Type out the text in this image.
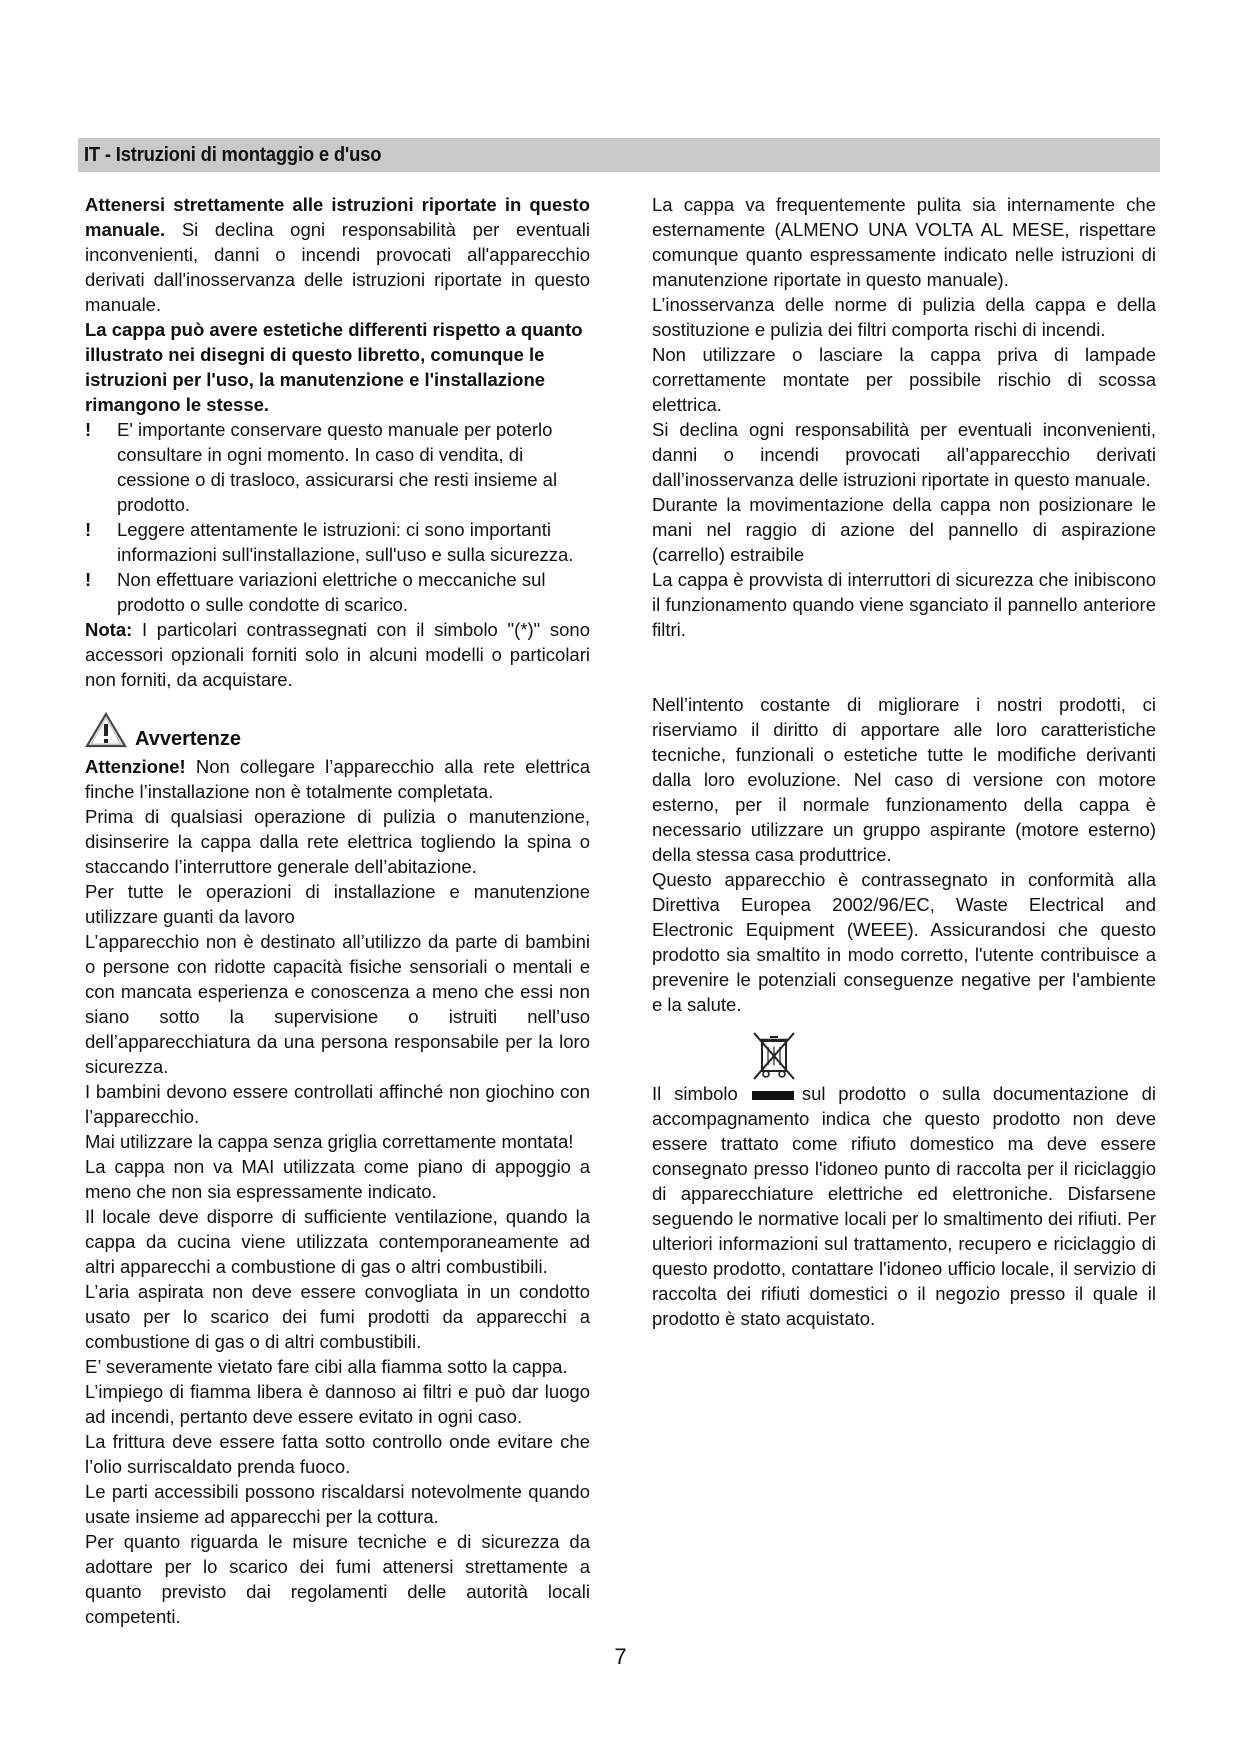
IT - Istruzioni di montaggio e d'uso

Attenersi strettamente alle istruzioni riportate in questo manuale. Si declina ogni responsabilità per eventuali inconvenienti, danni o incendi provocati all'apparecchio derivati dall'inosservanza delle istruzioni riportate in questo manuale.

La cappa può avere estetiche differenti rispetto a quanto illustrato nei disegni di questo libretto, comunque le istruzioni per l'uso, la manutenzione e l'installazione rimangono le stesse.

!	E' importante conservare questo manuale per poterlo consultare in ogni momento. In caso di vendita, di cessione o di trasloco, assicurarsi che resti insieme al prodotto.
!	Leggere attentamente le istruzioni: ci sono importanti informazioni sull'installazione, sull'uso e sulla sicurezza.
!	Non effettuare variazioni elettriche o meccaniche sul prodotto o sulle condotte di scarico.

Nota: I particolari contrassegnati con il simbolo "(*)" sono accessori opzionali forniti solo in alcuni modelli o particolari non forniti, da acquistare.

Avvertenze

Attenzione! Non collegare l’apparecchio alla rete elettrica finche l’installazione non è totalmente completata.

Prima di qualsiasi operazione di pulizia o manutenzione, disinserire la cappa dalla rete elettrica togliendo la spina o staccando l’interruttore generale dell’abitazione.

Per tutte le operazioni di installazione e manutenzione utilizzare guanti da lavoro

L’apparecchio non è destinato all’utilizzo da parte di bambini o persone con ridotte capacità fisiche sensoriali o mentali e con mancata esperienza e conoscenza a meno che essi non siano sotto la supervisione o istruiti nell’uso dell’apparecchiatura da una persona responsabile per la loro sicurezza.

I bambini devono essere controllati affinché non giochino con l’apparecchio.

Mai utilizzare la cappa senza griglia correttamente montata!

La cappa non va MAI utilizzata come piano di appoggio a meno che non sia espressamente indicato.

Il locale deve disporre di sufficiente ventilazione, quando la cappa da cucina viene utilizzata contemporaneamente ad altri apparecchi a combustione di gas o altri combustibili.

L’aria aspirata non deve essere convogliata in un condotto usato per lo scarico dei fumi prodotti da apparecchi a combustione di gas o di altri combustibili.

E’ severamente vietato fare cibi alla fiamma sotto la cappa.

L’impiego di fiamma libera è dannoso ai filtri e può dar luogo ad incendi, pertanto deve essere evitato in ogni caso.

La frittura deve essere fatta sotto controllo onde evitare che l’olio surriscaldato prenda fuoco.

Le parti accessibili possono riscaldarsi notevolmente quando usate insieme ad apparecchi per la cottura.

Per quanto riguarda le misure tecniche e di sicurezza da adottare per lo scarico dei fumi attenersi strettamente a quanto previsto dai regolamenti delle autorità locali competenti.

La cappa va frequentemente pulita sia internamente che esternamente (ALMENO UNA VOLTA AL MESE, rispettare comunque quanto espressamente indicato nelle istruzioni di manutenzione riportate in questo manuale).

L’inosservanza delle norme di pulizia della cappa e della sostituzione e pulizia dei filtri comporta rischi di incendi.

Non utilizzare o lasciare la cappa priva di lampade correttamente montate per possibile rischio di scossa elettrica.

Si declina ogni responsabilità per eventuali inconvenienti, danni o incendi provocati all’apparecchio derivati dall’inosservanza delle istruzioni riportate in questo manuale.

Durante la movimentazione della cappa non posizionare le mani nel raggio di azione del pannello di aspirazione (carrello) estraibile

La cappa è provvista di interruttori di sicurezza che inibiscono il funzionamento quando viene sganciato il pannello anteriore filtri.

Nell’intento costante di migliorare i nostri prodotti, ci riserviamo il diritto di apportare alle loro caratteristiche tecniche, funzionali o estetiche tutte le modifiche derivanti dalla loro evoluzione. Nel caso di versione con motore esterno, per il normale funzionamento della cappa è necessario utilizzare un gruppo aspirante (motore esterno) della stessa casa produttrice.

Questo apparecchio è contrassegnato in conformità alla Direttiva Europea 2002/96/EC, Waste Electrical and Electronic Equipment (WEEE). Assicurandosi che questo prodotto sia smaltito in modo corretto, l'utente contribuisce a prevenire le potenziali conseguenze negative per l'ambiente e la salute.

Il simbolo	sul prodotto o sulla documentazione di accompagnamento indica che questo prodotto non deve essere trattato come rifiuto domestico ma deve essere consegnato presso l'idoneo punto di raccolta per il riciclaggio di apparecchiature elettriche ed elettroniche. Disfarsene seguendo le normative locali per lo smaltimento dei rifiuti. Per ulteriori informazioni sul trattamento, recupero e riciclaggio di questo prodotto, contattare l'idoneo ufficio locale, il servizio di raccolta dei rifiuti domestici o il negozio presso il quale il prodotto è stato acquistato.

7
